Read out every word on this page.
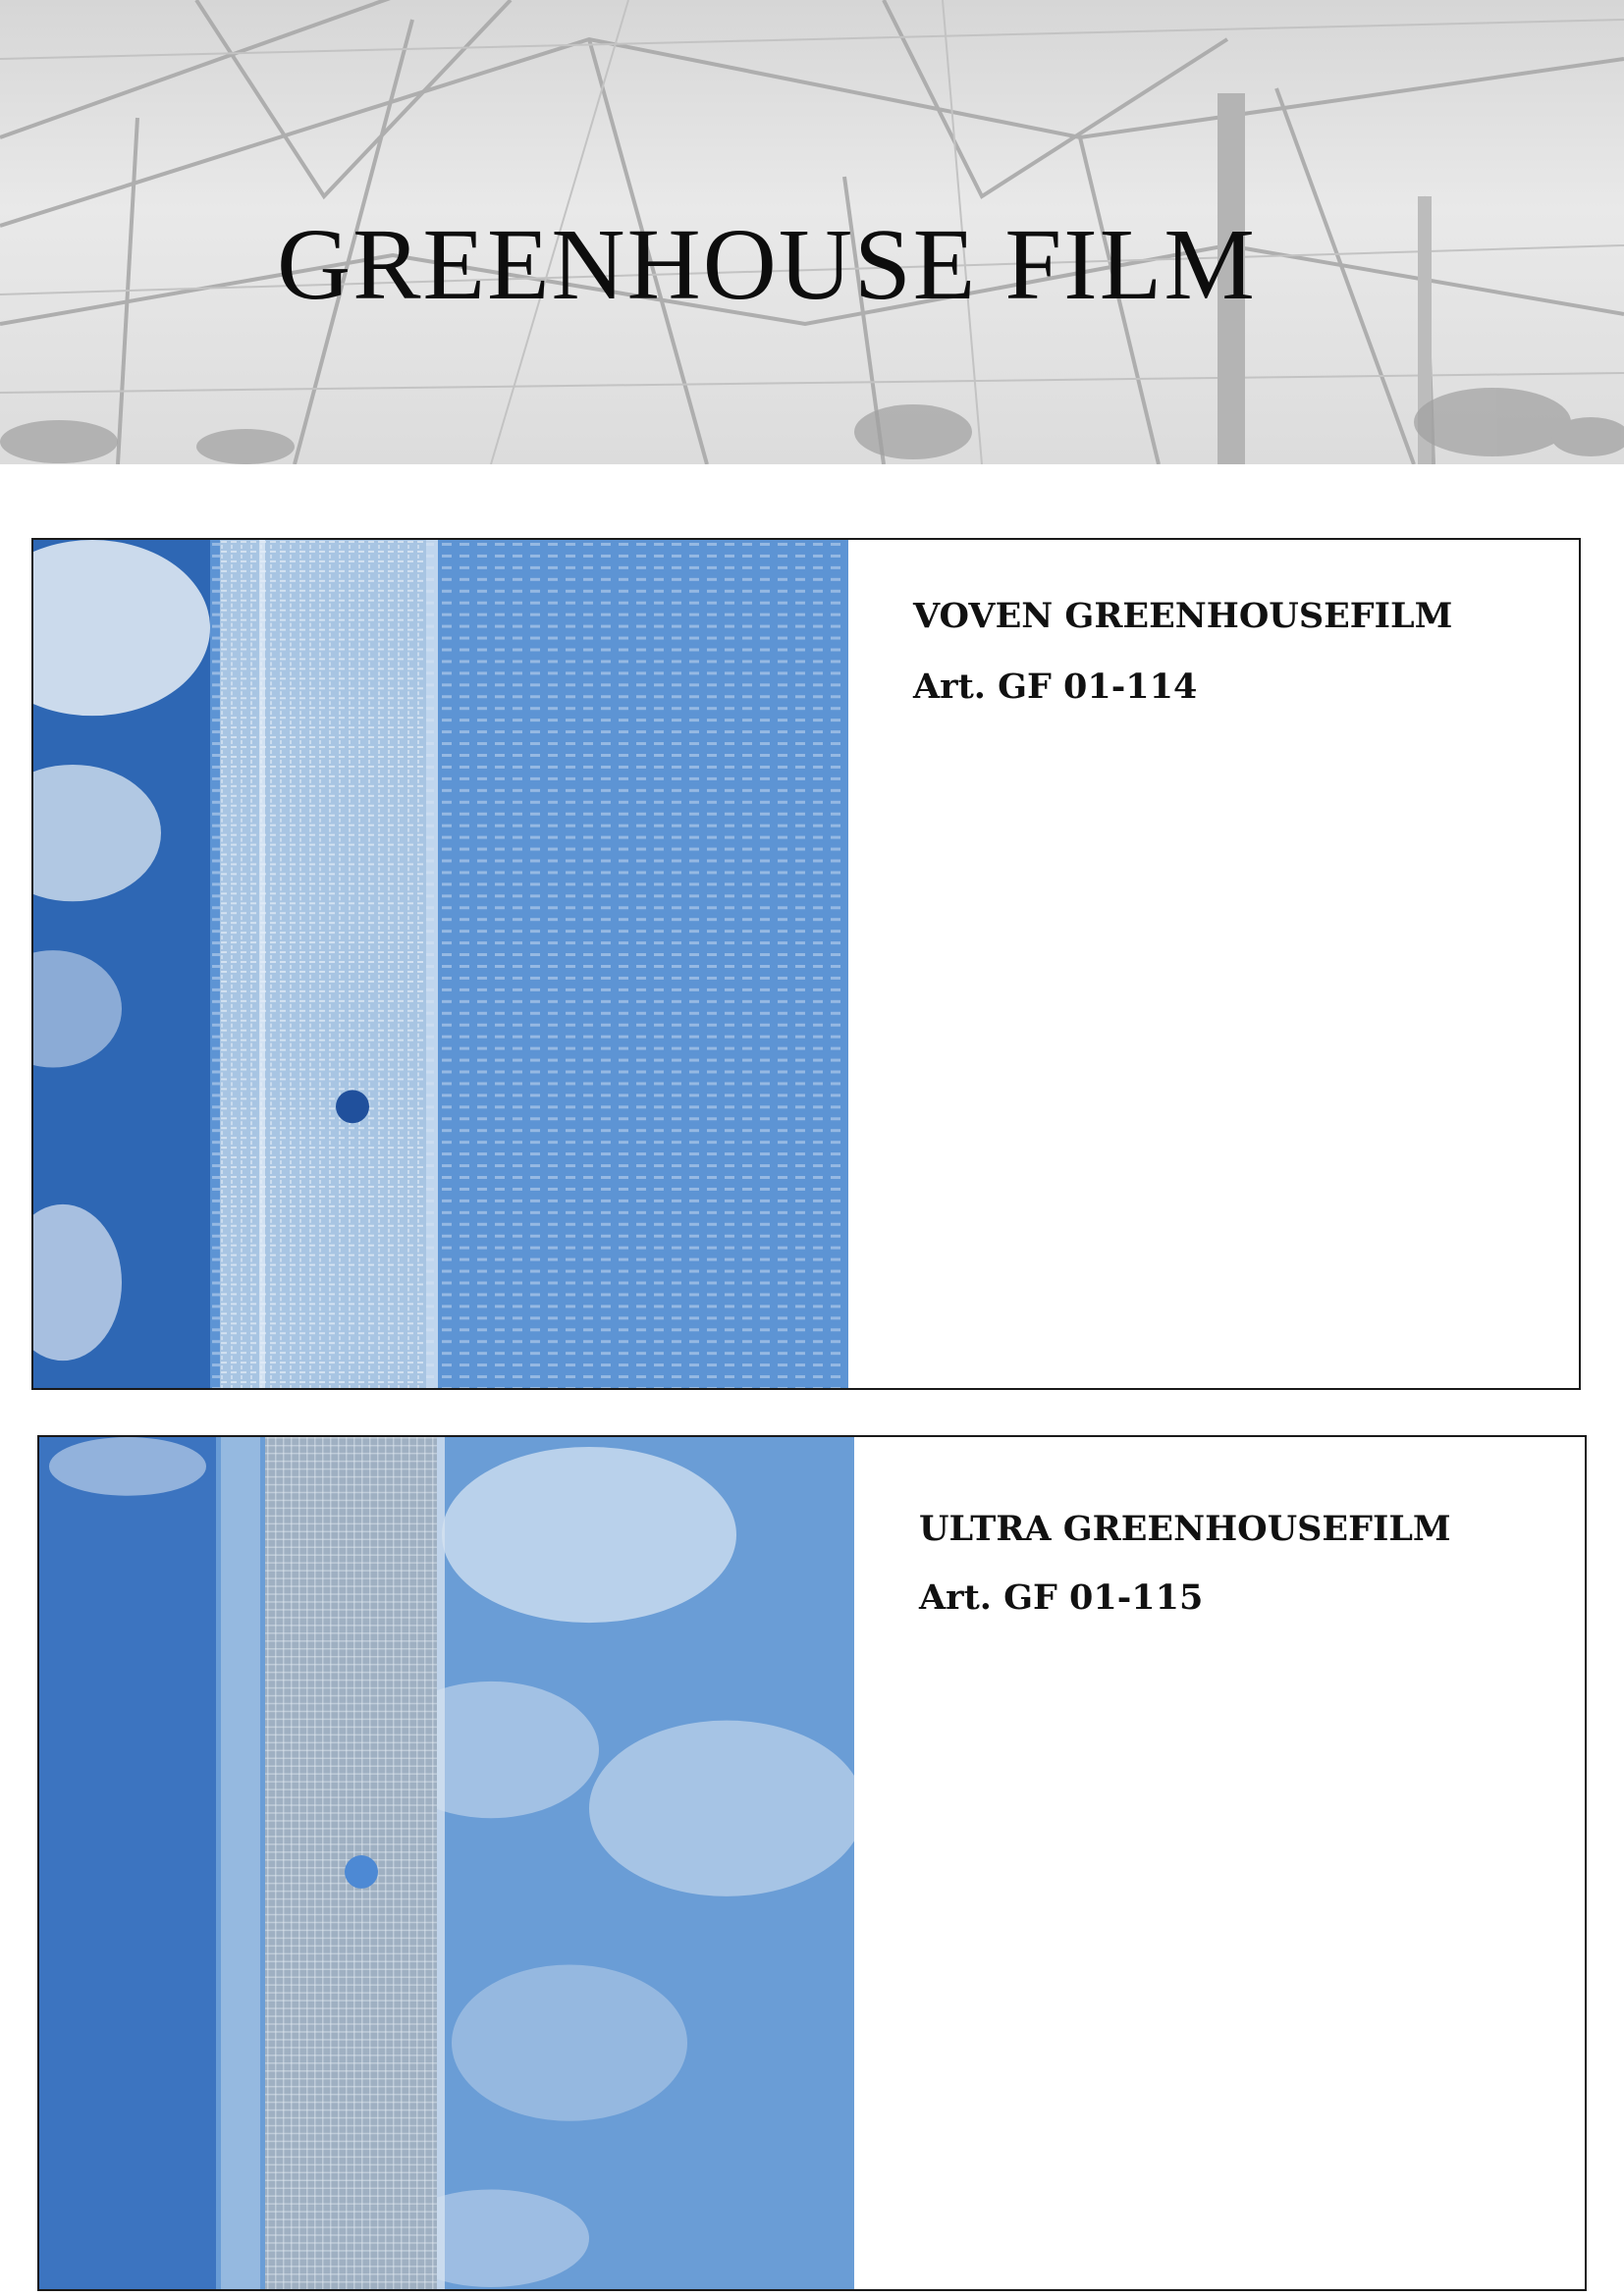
GREENHOUSE FILM
VOVEN GREENHOUSEFILM
Art. GF 01-114
ULTRA GREENHOUSEFILM
Art. GF 01-115
